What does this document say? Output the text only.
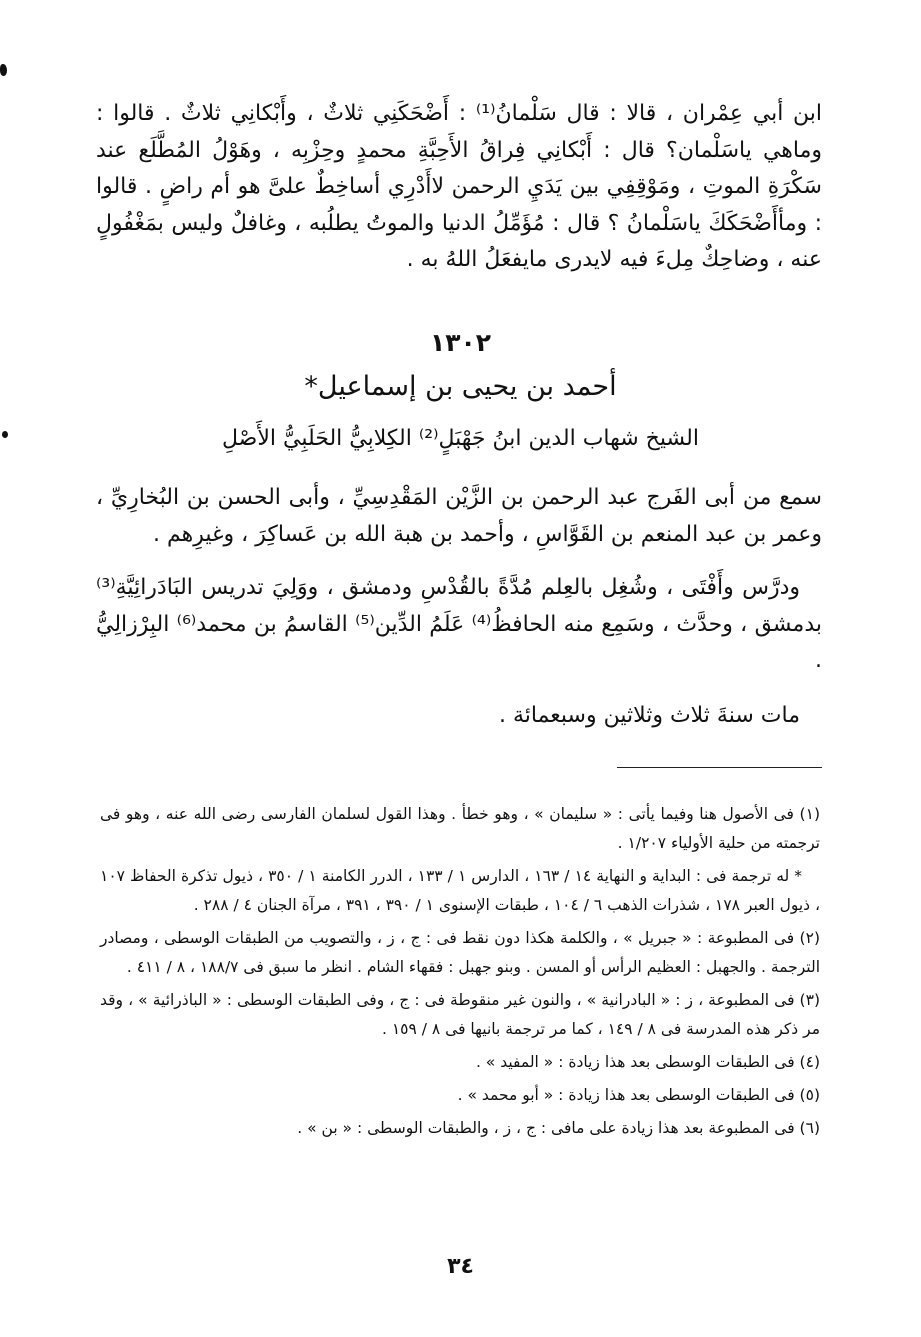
ابن أبي عِمْران ، قالا : قال سَلْمانُ⁽¹⁾ : أَضْحَكَنِي ثلاثٌ ، وأَبْكانِي ثلاثٌ . قالوا : وماهي ياسَلْمان؟ قال : أَبْكانِي فِراقُ الأَحِبَّةِ محمدٍ وحِزْبِه ، وهَوْلُ المُطَّلَع عند سَكْرَةِ الموتِ ، ومَوْقِفِي بين يَدَيِ الرحمن لاأَدْرِي أساخِطٌ علىَّ هو أم راضٍ . قالوا : ومأأَضْحَكَكَ ياسَلْمانُ ؟ قال : مُؤَمِّلُ الدنيا والموتُ يطلُبه ، وغافلٌ وليس بمَغْفُولٍ عنه ، وضاحِكٌ مِلءَ فيه لايدرى مايفعَلُ اللهُ به .

١٣٠٢
أحمد بن يحيى بن إسماعيل*
الشيخ شهاب الدين ابنُ جَهْبَلٍ⁽²⁾ الكِلابِيُّ الحَلَبِيُّ الأَصْلِ

سمع من أبى الفَرج عبد الرحمن بن الزَّيْن المَقْدِسِيِّ ، وأبى الحسن بن البُخارِيِّ ، وعمر بن عبد المنعم بن القَوَّاسِ ، وأحمد بن هبة الله بن عَساكِرَ ، وغيرِهم .

ودرَّس وأَفْتَى ، وشُغِل بالعِلم مُدَّةً بالقُدْسِ ودمشق ، ووَلِيَ تدريس البَادَرائِيَّةِ⁽³⁾ بدمشق ، وحدَّث ، وسَمِع منه الحافظُ⁽⁴⁾ عَلَمُ الدِّين⁽⁵⁾ القاسمُ بن محمد⁽⁶⁾ البِرْزالِيُّ .

مات سنةَ ثلاث وثلاثين وسبعمائة .

(١) فى الأصول هنا وفيما يأتى : « سليمان » ، وهو خطأ . وهذا القول لسلمان الفارسى رضى الله عنه ، وهو فى ترجمته من حلية الأولياء ١/٢٠٧ .

* له ترجمة فى : البداية و النهاية ١٤ / ١٦٣ ، الدارس ١ / ١٣٣ ، الدرر الكامنة ١ / ٣٥٠ ، ذيول تذكرة الحفاظ ١٠٧ ، ذيول العبر ١٧٨ ، شذرات الذهب ٦ / ١٠٤ ، طبقات الإسنوى ١ / ٣٩٠ ، ٣٩١ ، مرآة الجنان ٤ / ٢٨٨ .

(٢) فى المطبوعة : « جبريل » ، والكلمة هكذا دون نقط فى : ج ، ز ، والتصويب من الطبقات الوسطى ، ومصادر الترجمة . والجهبل : العظيم الرأس أو المسن . وبنو جهبل : فقهاء الشام . انظر ما سبق فى ١٨٨/٧ ، ٨ / ٤١١ .

(٣) فى المطبوعة ، ز : « البادرانية » ، والنون غير منقوطة فى : ج ، وفى الطبقات الوسطى : « الباذرائية » ، وقد مر ذكر هذه المدرسة فى ٨ / ١٤٩ ، كما مر ترجمة بانيها فى ٨ / ١٥٩ .

(٤) فى الطبقات الوسطى بعد هذا زيادة : « المفيد » .

(٥) فى الطبقات الوسطى بعد هذا زيادة : « أبو محمد » .

(٦) فى المطبوعة بعد هذا زيادة على مافى : ج ، ز ، والطبقات الوسطى : « بن » .

٣٤
